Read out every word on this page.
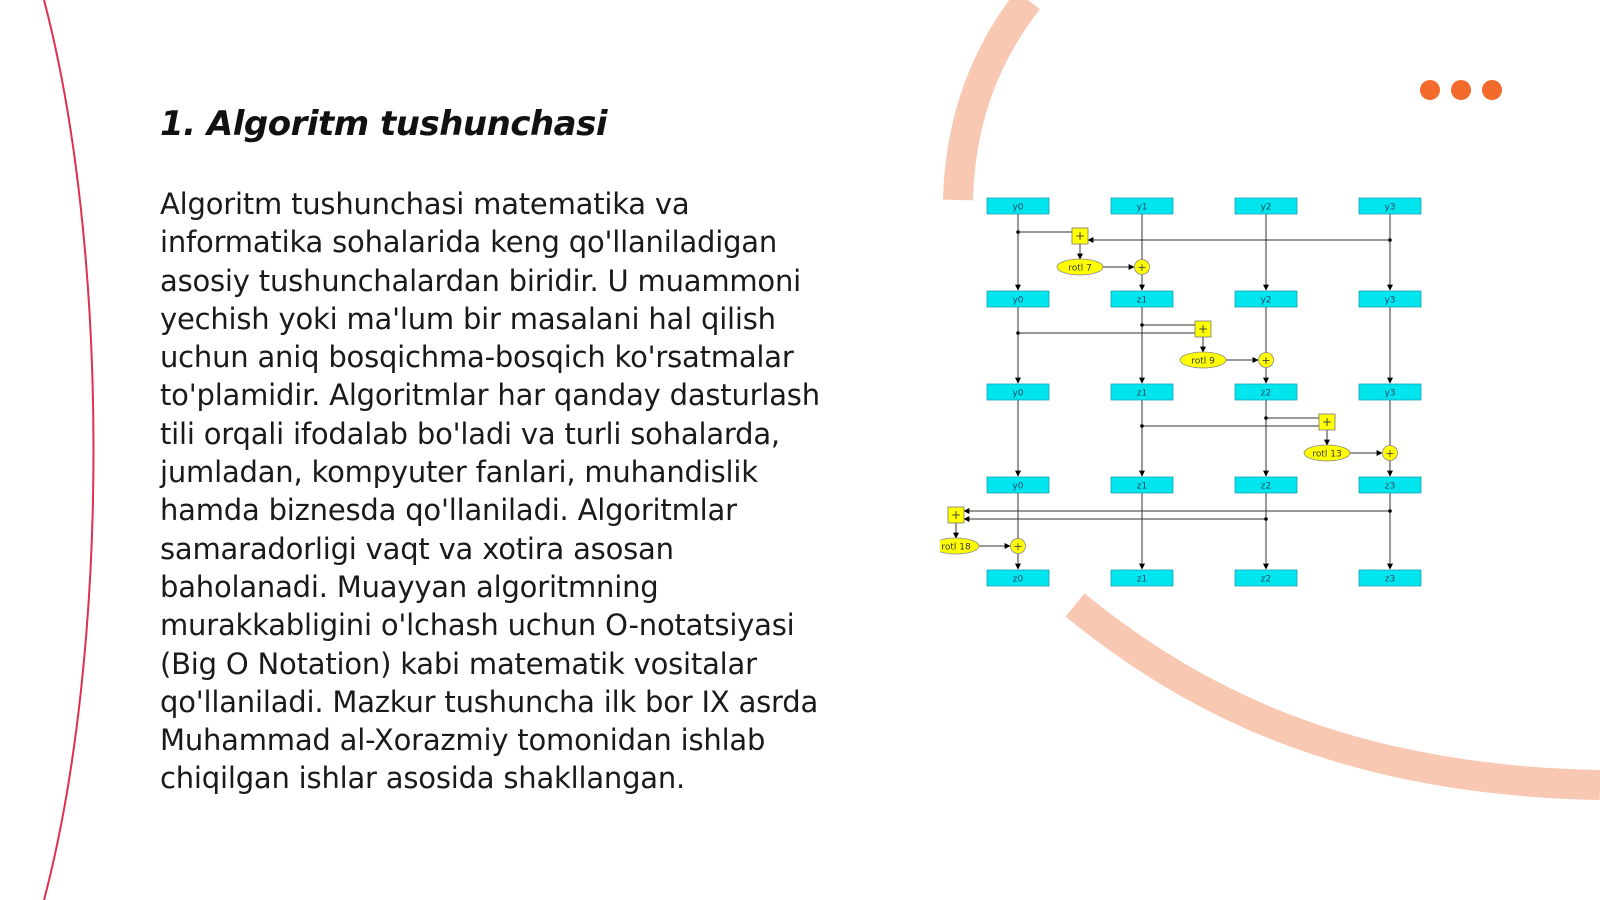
1. Algoritm tushunchasi

Algoritm tushunchasi matematika va informatika sohalarida keng qo'llaniladigan asosiy tushunchalardan biridir. U muammoni yechish yoki ma'lum bir masalani hal qilish uchun aniq bosqichma-bosqich ko'rsatmalar to'plamidir. Algoritmlar har qanday dasturlash tili orqali ifodalab bo'ladi va turli sohalarda, jumladan, kompyuter fanlari, muhandislik hamda biznesda qo'llaniladi. Algoritmlar samaradorligi vaqt va xotira asosan baholanadi. Muayyan algoritmning murakkabligini o'lchash uchun O-notatsiyasi (Big O Notation) kabi matematik vositalar qo'llaniladi. Mazkur tushuncha ilk bor IX asrda Muhammad al-Xorazmiy tomonidan ishlab chiqilgan ishlar asosida shakllangan.

y0	y1	y2	y3
y0	z1	y2	y3
y0	z1	z2	y3
y0	z1	z2	z3
z0	z1	z2	z3
+
rotl 7	+
+
rotl 9	+
+
rotl 13	+
+
rotl 18	+
